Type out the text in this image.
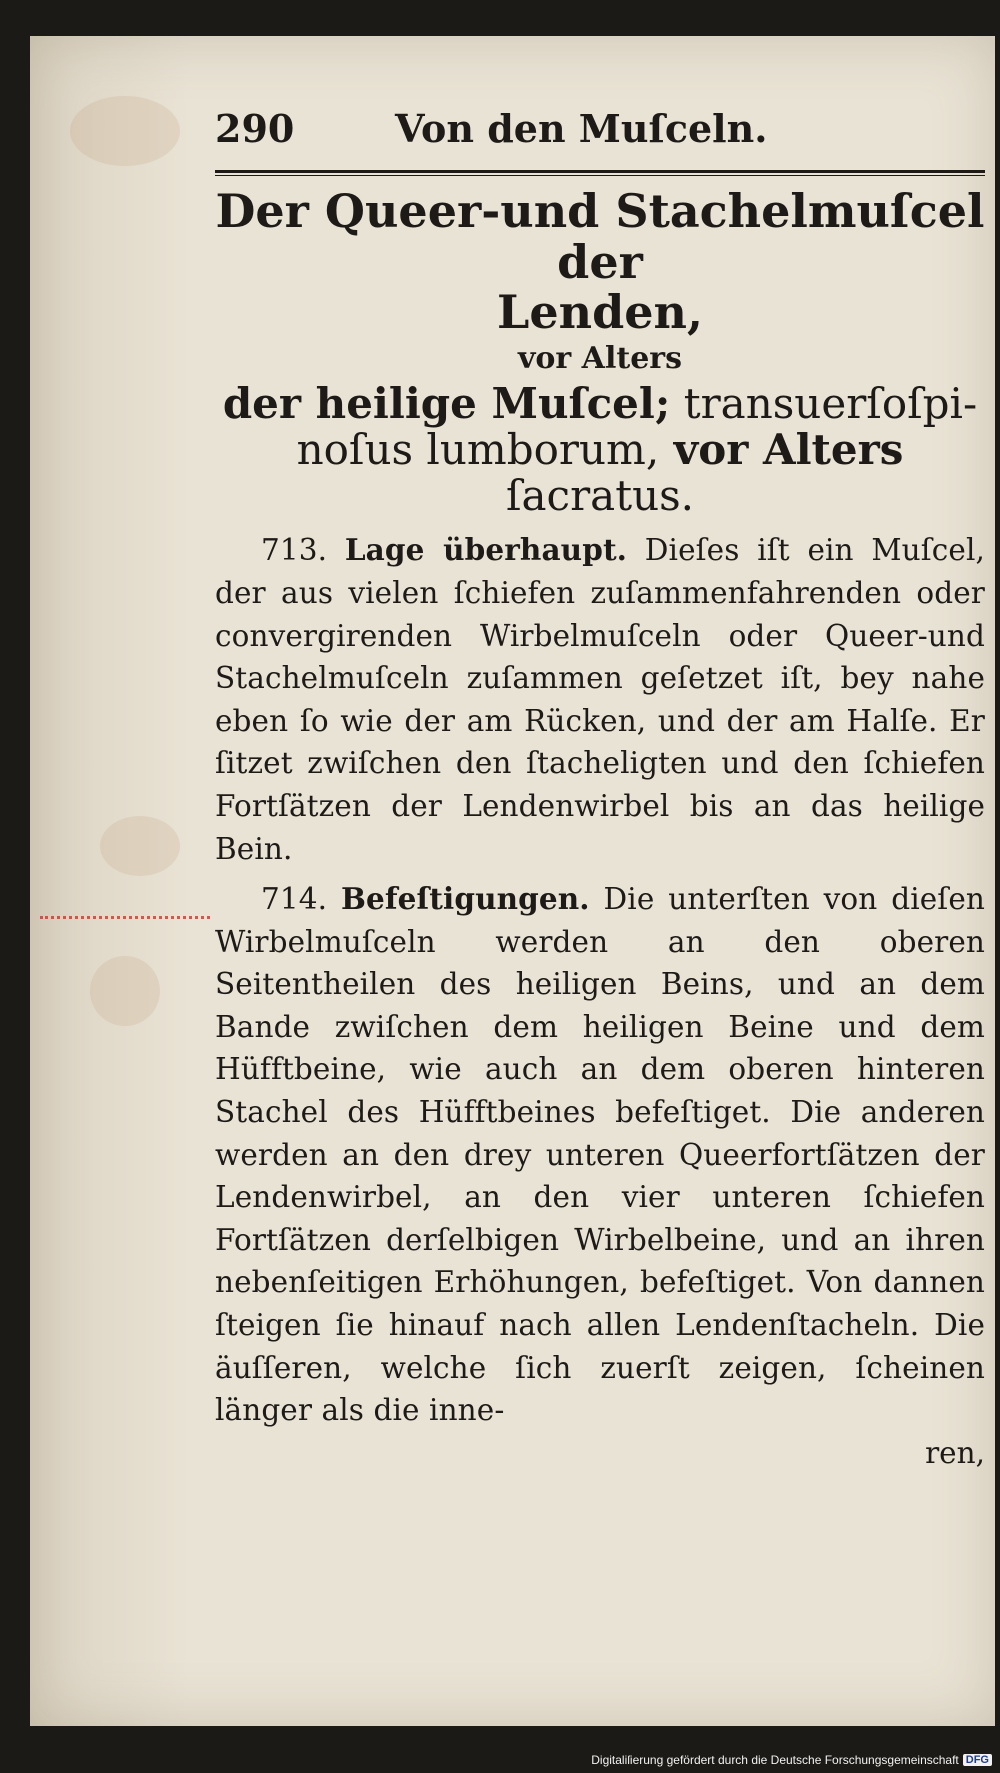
290	Von den Muſceln.
Der Queer-und Stachelmuſcel der
Lenden,
vor Alters
der heilige Muſcel; transuerſoſpi-
noſus lumborum, vor Alters
ſacratus.
713. Lage überhaupt. Dieſes iſt ein Muſcel, der aus vielen ſchiefen zuſammenfahrenden oder convergirenden Wirbelmuſceln oder Queer-und Stachelmuſceln zuſammen geſetzet iſt, bey nahe eben ſo wie der am Rücken, und der am Halſe. Er ſitzet zwiſchen den ſtacheligten und den ſchiefen Fortſätzen der Lendenwirbel bis an das heilige Bein.
714. Befeſtigungen. Die unterſten von dieſen Wirbelmuſceln werden an den oberen Seitentheilen des heiligen Beins, und an dem Bande zwiſchen dem heiligen Beine und dem Hüfftbeine, wie auch an dem oberen hinteren Stachel des Hüfftbeines befeſtiget. Die anderen werden an den drey unteren Queerfortſätzen der Lendenwirbel, an den vier unteren ſchiefen Fortſätzen derſelbigen Wirbelbeine, und an ihren nebenſeitigen Erhöhungen, befeſtiget. Von dannen ſteigen ſie hinauf nach allen Lendenſtacheln. Die äuſſeren, welche ſich zuerſt zeigen, ſcheinen länger als die inne-
ren,
Digitaliſierung gefördert durch die Deutsche Forschungsgemeinschaft DFG
